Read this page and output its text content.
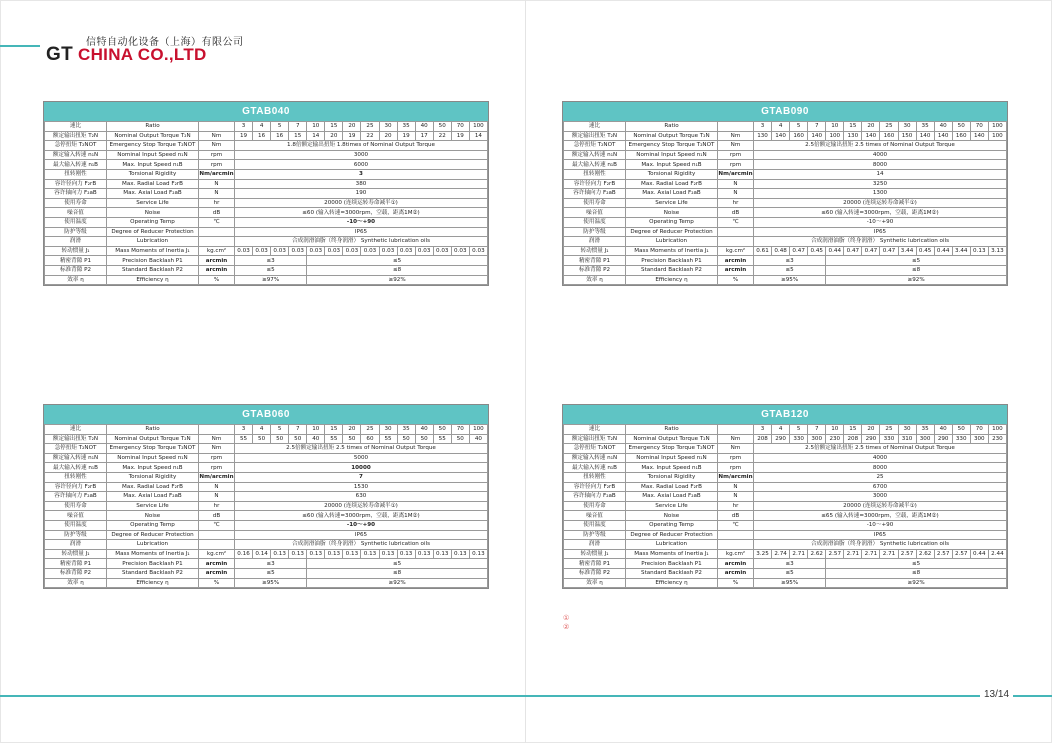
信特自动化设备（上海）有限公司
GT CHINA CO.,LTD
GTAB040
速比	Ratio		3	4	5	7	10	15	20	25	30	35	40	50	70	100
额定输出扭矩 T₂N	Nominal Output Torque T₂N	Nm	19	16	16	15	14	20	19	22	20	19	17	22	19	14
急停扭矩 T₂NOT	Emergency Stop Torque T₂NOT	Nm	1.8倍额定输出扭矩 1.8times of Nominal Output Torque													
额定输入转速 n₁N	Nominal Input Speed n₁N	rpm	3000													
最大输入转速 n₁B	Max. Input Speed n₁B	rpm	6000													
扭转刚性	Torsional Rigidity	Nm/arcmin	3													
容许径向力 F₂rB	Max. Radial Load F₂rB	N	380													
容许轴向力 F₂aB	Max. Axial Load F₂aB	N	190													
使用寿命	Service Life	hr	20000 (连续运转寿命减半①)													
噪音值	Noise	dB	≤60 (输入转速=3000rpm，空载，距离1M②)													
使用温度	Operating Temp	℃	-10～+90													
防护等级	Degree of Reducer Protection		IP65													
润滑	Lubrication		合成润滑油脂（终身润滑） Synthetic lubrication oils													
转动惯量 J₁	Mass Moments of Inertia J₁	kg.cm²	0.03	0.03	0.03	0.03	0.03	0.03	0.03	0.03	0.03	0.03	0.03	0.03	0.03	0.03
精密背隙 P1	Precision Backlash P1	arcmin	≤3				≤5									
标准背隙 P2	Standard Backlash P2	arcmin	≤5				≤8									
效率 η	Efficiency η	%	≥97%				≥92%									
GTAB090
速比	Ratio		3	4	5	7	10	15	20	25	30	35	40	50	70	100
额定输出扭矩 T₂N	Nominal Output Torque T₂N	Nm	130	140	160	140	100	130	140	160	150	140	140	160	140	100
急停扭矩 T₂NOT	Emergency Stop Torque T₂NOT	Nm	2.5倍额定输出扭矩 2.5 times of Nominal Output Torque													
额定输入转速 n₁N	Nominal Input Speed n₁N	rpm	4000													
最大输入转速 n₁B	Max. Input Speed n₁B	rpm	8000													
扭转刚性	Torsional Rigidity	Nm/arcmin	14													
容许径向力 F₂rB	Max. Radial Load F₂rB	N	3250													
容许轴向力 F₂aB	Max. Axial Load F₂aB	N	1300													
使用寿命	Service Life	hr	20000 (连续运转寿命减半①)													
噪音值	Noise	dB	≤60 (输入转速=3000rpm，空载，距离1M②)													
使用温度	Operating Temp	℃	-10～+90													
防护等级	Degree of Reducer Protection		IP65													
润滑	Lubrication		合成润滑油脂（终身润滑） Synthetic lubrication oils													
转动惯量 J₁	Mass Moments of Inertia J₁	kg.cm²	0.61	0.48	0.47	0.45	0.44	0.47	0.47	0.47	3.44	0.45	0.44	3.44	0.13	3.13
精密背隙 P1	Precision Backlash P1	arcmin	≤3				≤5									
标准背隙 P2	Standard Backlash P2	arcmin	≤5				≤8									
效率 η	Efficiency η	%	≥95%				≥92%									
GTAB060
速比	Ratio		3	4	5	7	10	15	20	25	30	35	40	50	70	100
额定输出扭矩 T₂N	Nominal Output Torque T₂N	Nm	55	50	50	50	40	55	50	60	55	50	50	55	50	40
急停扭矩 T₂NOT	Emergency Stop Torque T₂NOT	Nm	2.5倍额定输出扭矩 2.5 times of Nominal Output Torque													
额定输入转速 n₁N	Nominal Input Speed n₁N	rpm	5000													
最大输入转速 n₁B	Max. Input Speed n₁B	rpm	10000													
扭转刚性	Torsional Rigidity	Nm/arcmin	7													
容许径向力 F₂rB	Max. Radial Load F₂rB	N	1530													
容许轴向力 F₂aB	Max. Axial Load F₂aB	N	630													
使用寿命	Service Life	hr	20000 (连续运转寿命减半①)													
噪音值	Noise	dB	≤60 (输入转速=3000rpm，空载，距离1M②)													
使用温度	Operating Temp	℃	-10～+90													
防护等级	Degree of Reducer Protection		IP65													
润滑	Lubrication		合成润滑油脂（终身润滑） Synthetic lubrication oils													
转动惯量 J₁	Mass Moments of Inertia J₁	kg.cm²	0.16	0.14	0.13	0.13	0.13	0.13	0.13	0.13	0.13	0.13	0.13	0.13	0.13	0.13
精密背隙 P1	Precision Backlash P1	arcmin	≤3				≤5									
标准背隙 P2	Standard Backlash P2	arcmin	≤5				≤8									
效率 η	Efficiency η	%	≥95%				≥92%									
GTAB120
速比	Ratio		3	4	5	7	10	15	20	25	30	35	40	50	70	100
额定输出扭矩 T₂N	Nominal Output Torque T₂N	Nm	208	290	330	300	230	208	290	330	310	300	290	330	300	230
急停扭矩 T₂NOT	Emergency Stop Torque T₂NOT	Nm	2.5倍额定输出扭矩 2.5 times of Nominal Output Torque													
额定输入转速 n₁N	Nominal Input Speed n₁N	rpm	4000													
最大输入转速 n₁B	Max. Input Speed n₁B	rpm	8000													
扭转刚性	Torsional Rigidity	Nm/arcmin	25													
容许径向力 F₂rB	Max. Radial Load F₂rB	N	6700													
容许轴向力 F₂aB	Max. Axial Load F₂aB	N	3000													
使用寿命	Service Life	hr	20000 (连续运转寿命减半①)													
噪音值	Noise	dB	≤65 (输入转速=3000rpm，空载，距离1M②)													
使用温度	Operating Temp	℃	-10～+90													
防护等级	Degree of Reducer Protection		IP65													
润滑	Lubrication		合成润滑油脂（终身润滑） Synthetic lubrication oils													
转动惯量 J₁	Mass Moments of Inertia J₁	kg.cm²	3.25	2.74	2.71	2.62	2.57	2.71	2.71	2.71	2.57	2.62	2.57	2.57	0.44	2.44
精密背隙 P1	Precision Backlash P1	arcmin	≤3				≤5									
标准背隙 P2	Standard Backlash P2	arcmin	≤5				≤8									
效率 η	Efficiency η	%	≥95%				≥92%									
①
②
13/14
